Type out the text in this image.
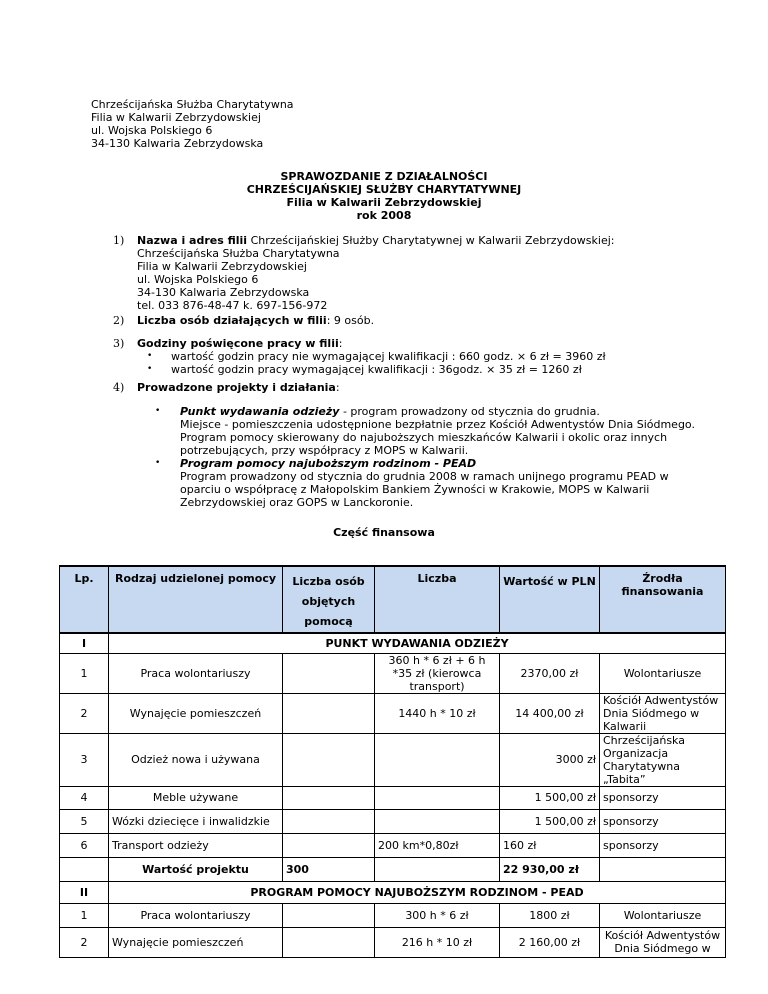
Chrześcijańska Służba Charytatywna
Filia w Kalwarii Zebrzydowskiej
ul. Wojska Polskiego 6
34-130 Kalwaria Zebrzydowska
SPRAWOZDANIE Z DZIAŁALNOŚCI
CHRZEŚCIJAŃSKIEJ SŁUŻBY CHARYTATYWNEJ
Filia w Kalwarii Zebrzydowskiej
rok 2008
1) Nazwa i adres filii Chrześcijańskiej Służby Charytatywnej w Kalwarii Zebrzydowskiej:
Chrześcijańska Służba Charytatywna
Filia w Kalwarii Zebrzydowskiej
ul. Wojska Polskiego 6
34-130 Kalwaria Zebrzydowska
tel. 033 876-48-47 k. 697-156-972
2) Liczba osób działających w filii: 9 osób.
3) Godziny poświęcone pracy w filii:
• wartość godzin pracy nie wymagającej kwalifikacji : 660 godz. × 6 zł = 3960 zł
• wartość godzin pracy wymagającej kwalifikacji : 36godz. × 35 zł = 1260 zł
4) Prowadzone projekty i działania:
• Punkt wydawania odzieży - program prowadzony od stycznia do grudnia.
Miejsce - pomieszczenia udostępnione bezpłatnie przez Kościół Adwentystów Dnia Siódmego.
Program pomocy skierowany do najuboższych mieszkańców Kalwarii i okolic oraz innych
potrzebujących, przy współpracy z MOPS w Kalwarii.
• Program pomocy najuboższym rodzinom - PEAD
Program prowadzony od stycznia do grudnia 2008 w ramach unijnego programu PEAD w
oparciu o współpracę z Małopolskim Bankiem Żywności w Krakowie, MOPS w Kalwarii
Zebrzydowskiej oraz GOPS w Lanckoronie.
Część finansowa
Lp.	Rodzaj udzielonej pomocy	Liczba osób objętych pomocą	Liczba	Wartość w PLN	Źrodła finansowania
I	PUNKT WYDAWANIA ODZIEŻY				
1	Praca wolontariuszy		360 h * 6 zł + 6 h *35 zł (kierowca transport)	2370,00 zł	Wolontariusze
2	Wynajęcie pomieszczeń		1440 h * 10 zł	14 400,00 zł	Kościół Adwentystów Dnia Siódmego w Kalwarii
3	Odzież nowa i używana			3000 zł	Chrześcijańska Organizacja Charytatywna „Tabita”
4	Meble używane			1 500,00 zł	sponsorzy
5	Wózki dziecięce i inwalidzkie			1 500,00 zł	sponsorzy
6	Transport odzieży		200 km*0,80zł	160 zł	sponsorzy
	Wartość projektu	300		22 930,00 zł	
II	PROGRAM POMOCY NAJUBOŻSZYM RODZINOM - PEAD				
1	Praca wolontariuszy		300 h * 6 zł	1800 zł	Wolontariusze
2	Wynajęcie pomieszczeń		216 h * 10 zł	2 160,00 zł	Kościół Adwentystów Dnia Siódmego w
